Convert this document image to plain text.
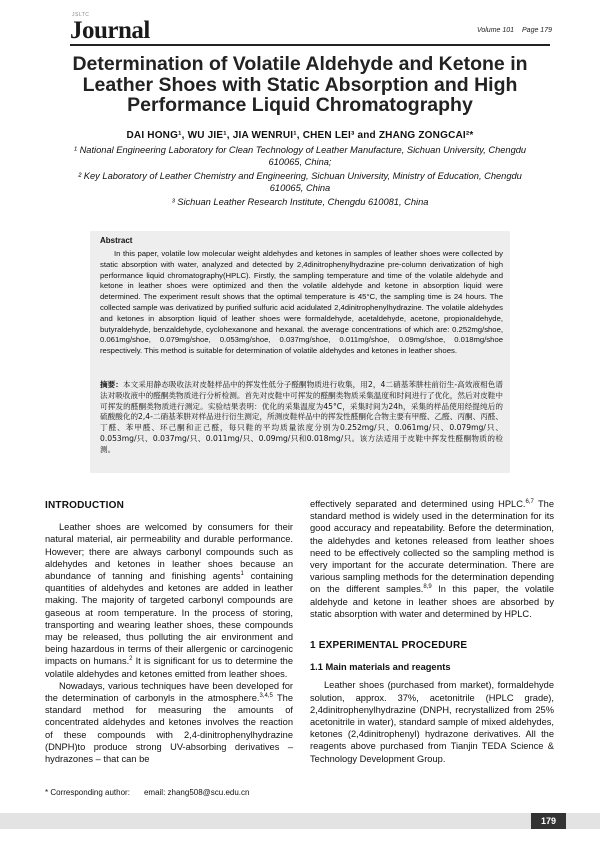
JSLTC
Journal	Volume 101 Page 179
Determination of Volatile Aldehyde and Ketone in Leather Shoes with Static Absorption and High Performance Liquid Chromatography
DAI HONG¹, WU JIE¹, JIA WENRUI¹, CHEN LEI³ and ZHANG ZONGCAI²*
¹ National Engineering Laboratory for Clean Technology of Leather Manufacture, Sichuan University, Chengdu 610065, China;
² Key Laboratory of Leather Chemistry and Engineering, Sichuan University, Ministry of Education, Chengdu 610065, China
³ Sichuan Leather Research Institute, Chengdu 610081, China
Abstract
In this paper, volatile low molecular weight aldehydes and ketones in samples of leather shoes were collected by static absorption with water, analyzed and detected by 2,4dinitrophenylhydrazine pre-column derivatization of high performance liquid chromatography(HPLC). Firstly, the sampling temperature and time of the volatile aldehyde and ketone in leather shoes were optimized and then the volatile aldehyde and ketone in absorption liquid were determined. The experiment result shows that the optimal temperature is 45°C, the sampling time is 24 hours. The collected sample was derivatized by purified sulfuric acid acidulated 2,4dinitrophenylhydrazine. The volatile aldehydes and ketones in absorption liquid of leather shoes were formaldehyde, acetaldehyde, acetone, propionaldehyde, butyraldehyde, benzaldehyde, cyclohexanone and hexanal. the average concentrations of which are: 0.252mg/shoe, 0.061mg/shoe, 0.079mg/shoe, 0.053mg/shoe, 0.037mg/shoe, 0.011mg/shoe, 0.09mg/shoe, 0.018mg/shoe respectively. This method is suitable for determination of volatile aldehydes and ketones in leather shoes.
摘要：本文采用静态吸收法对皮鞋样品中的挥发性低分子醛酮物质进行收集，用2，4二硝基苯肼柱前衍生-高效液相色谱法对吸收液中的醛酮类物质进行分析检测。首先对皮鞋中可挥发的醛酮类物质采集温度和时间进行了优化，然后对皮鞋中可挥发的醛酮类物质进行测定。实验结果表明：优化的采集温度为45°C，采集时间为24h，采集的样品使用经提纯后的硫酸酸化的2,4-二硝基苯肼对样品进行衍生测定，所测皮鞋样品中的挥发性醛酮化合物主要有甲醛、乙醛、丙酮、丙醛、丁醛、苯甲醛、环己酮和正己醛，每只鞋的平均质量浓度分别为0.252mg/只、0.061mg/只、0.079mg/只、0.053mg/只、0.037mg/只、0.011mg/只、0.09mg/只和0.018mg/只。该方法适用于皮鞋中挥发性醛酮物质的检测。
INTRODUCTION

Leather shoes are welcomed by consumers for their natural material, air permeability and durable performance. However; there are always carbonyl compounds such as aldehydes and ketones in leather shoes because an abundance of tanning and finishing agents$^1$ containing quantities of aldehydes and ketones are added in leather making. The majority of targeted carbonyl compounds are gaseous at room temperature. In the process of storing, transporting and wearing leather shoes, these compounds may be released, thus polluting the air environment and being hazardous in terms of their allergenic or carcinogenic impacts on humans.$^2$ It is significant for us to determine the volatile aldehydes and ketones emitted from leather shoes.

Nowadays, various techniques have been developed for the determination of carbonyls in the atmosphere.$^{3,4,5}$ The standard method for measuring the amounts of concentrated aldehydes and ketones involves the reaction of these compounds with 2,4-dinitrophenylhydrazine (DNPH)to produce strong UV-absorbing derivatives – hydrazones – that can be

effectively separated and determined using HPLC.$^{6,7}$ The standard method is widely used in the determination for its good accuracy and repeatability. Before the determination, the aldehydes and ketones released from leather shoes need to be effectively collected so the sampling method is very important for the accurate determination. There are various sampling methods for the determination depending on the different samples.$^{8,9}$ In this paper, the volatile aldehyde and ketone in leather shoes are absorbed by static absorption with water and determined by HPLC.

1 EXPERIMENTAL PROCEDURE
1.1 Main materials and reagents

Leather shoes (purchased from market), formaldehyde solution, approx. 37%, acetonitrile (HPLC grade), 2,4dinitrophenylhydrazine (DNPH, recrystallized from 25% acetonitrile in water), standard sample of mixed aldehydes, ketones (2,4dinitrophenyl) hydrazone derivatives. All the reagents above purchased from Tianjin TEDA Science & Technology Development Group.

* Corresponding author: email: zhang508@scu.edu.cn
179
